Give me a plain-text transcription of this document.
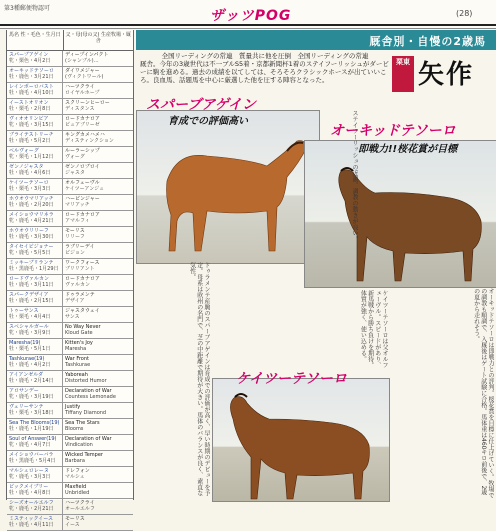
第3種郵便物認可	ザッツPOG	(28)
馬名 性・毛色・生月日 父・母(母の父) 生産牧場・厩舎
スパーブアゲイン
牝・栗色・4月2日
ディープインパクト
(シャンブル)…
オーキッドテソーロ
牡・鹿色・3月21日
ダイワメジャー
(ヴィクトワール)
レインボーロバスト
牡・鹿毛・4月10日
ハーツクライ
ロイヤルホープ
イーストオリオン
牡・栗毛・2月8日
スクリーンヒーロー
ディスタンス
ヴィオオリンピア
牝・鹿毛・3月15日
ロードカナロア
ピュアブリーゼ
ブライテストリーチ
牡・鹿毛・5月2日
キングカメハメハ
ディスティンクション
ベルヴォーグ
牝・栗毛・1月12日
ルーラーシップ
ヴォーグ
ゼンノジャスタ
牡・鹿毛・4月6日
ゼンノロブロイ
ジャスタ
ケイツーテソーロ
牡・栗毛・3月3日
オルフェーヴル
ケイツーアンジュ
ホウオウマリアッチ
牡・鹿毛・2月20日
ハービンジャー
マリアッチ
メイショウマリネラ
牝・鹿毛・4月21日
ロードカナロア
アマルフィ
ホウオウリリーフ
牡・鹿毛・3月30日
モーリス
リリーフ
タイセイビジョナー
牝・鹿毛・5月5日
ラブリーデイ
ビジョン
ミッキーブリランテ
牡・黒鹿毛・1月29日
ワークフォース
ブリリアント
ロードヴァルカン
牡・鹿毛・3月11日
ロードカナロア
ヴァルカン
スパークデザイア
牡・鹿毛・2月15日
ドゥラメンテ
デザイア
トゥーサンス
牡・栗毛・4月4日
ジャスタウェイ
サンス
スペシャルガール
牝・鹿毛・3月9日
No Way Never
Kloud Gate
Maresha(19)
牡・栗毛・5月1日
Kitten's Joy
Maresha
Tashkurae(19)
牡・鹿毛・4月2日
War Front
Tashkurae
アイアンゼルダ
牡・鹿毛・2月14日
Yaboreah
Distorted Humor
アロサンデー
牝・鹿毛・3月19日
Declaration of War
Countess Lemonade
ヴェリーサンテ
牡・栗毛・3月18日
Justify
Tiffany Diamond
Sea The Blooms(19)
牡・鹿毛・1月19日
Sea The Stars
Blooms
Soul of Answer(19)
牝・鹿毛・4月7日
Declaration of War
Vindication
メイショウバーバラ
牡・黒鹿毛・5月4日
Wicked Temper
Barbara
マルシュロレーヌ
牝・鹿毛・3月3日
ドレフォン
マルシュ
ビックメイブリー
牡・鹿毛・4月8日
Maxfield
Unbridled
シーズオールエルフ
牝・鹿毛・2月21日
ハーツクライ
オールエルフ
ミスティックイース
牡・鹿毛・4月11日
モーリス
イース
厩舎別・自慢の2歳馬
全国リーディングの常連　質量共に他を圧倒　全国リーディングの常連

厩舎。今年の3歳世代は不一ブルS5着・京都新聞杯1着のステイフーリッシュがダービーに駒を進める。過去の成績を以てしては、そろそろクラシックホースが出ていいころ。良血馬、話題馬を中心に厳選した他を圧する陣容となった。

栗東 矢作
スパーブアゲイン
育成での評価高い
オーキッドテソーロ
即戦力!!桜花賞が目標
ケイツーテソーロ
ドゥラメンテ産駒のスパーブアゲインは育成での評価が高く、早い時期のデビューを予定。母系は欧州の名門で、芝の中距離で期待が大きい。馬体のバランスが良く、素直な気性。
オーキッドテソーロは即戦力との評判。桜花賞を目標に仕上げていく。牧場での調教も順調で、入厩後はゲート試験に合格。馬体重は460キロ前後で、2歳の夏から走れそう。
ステイフーリッシュの近親。調教の動きが良い。
ケイツーテソーロは父オルフェーヴル。スピードがあり、新馬戦から勝ち負けを期待。体質が強く、使い込める。
